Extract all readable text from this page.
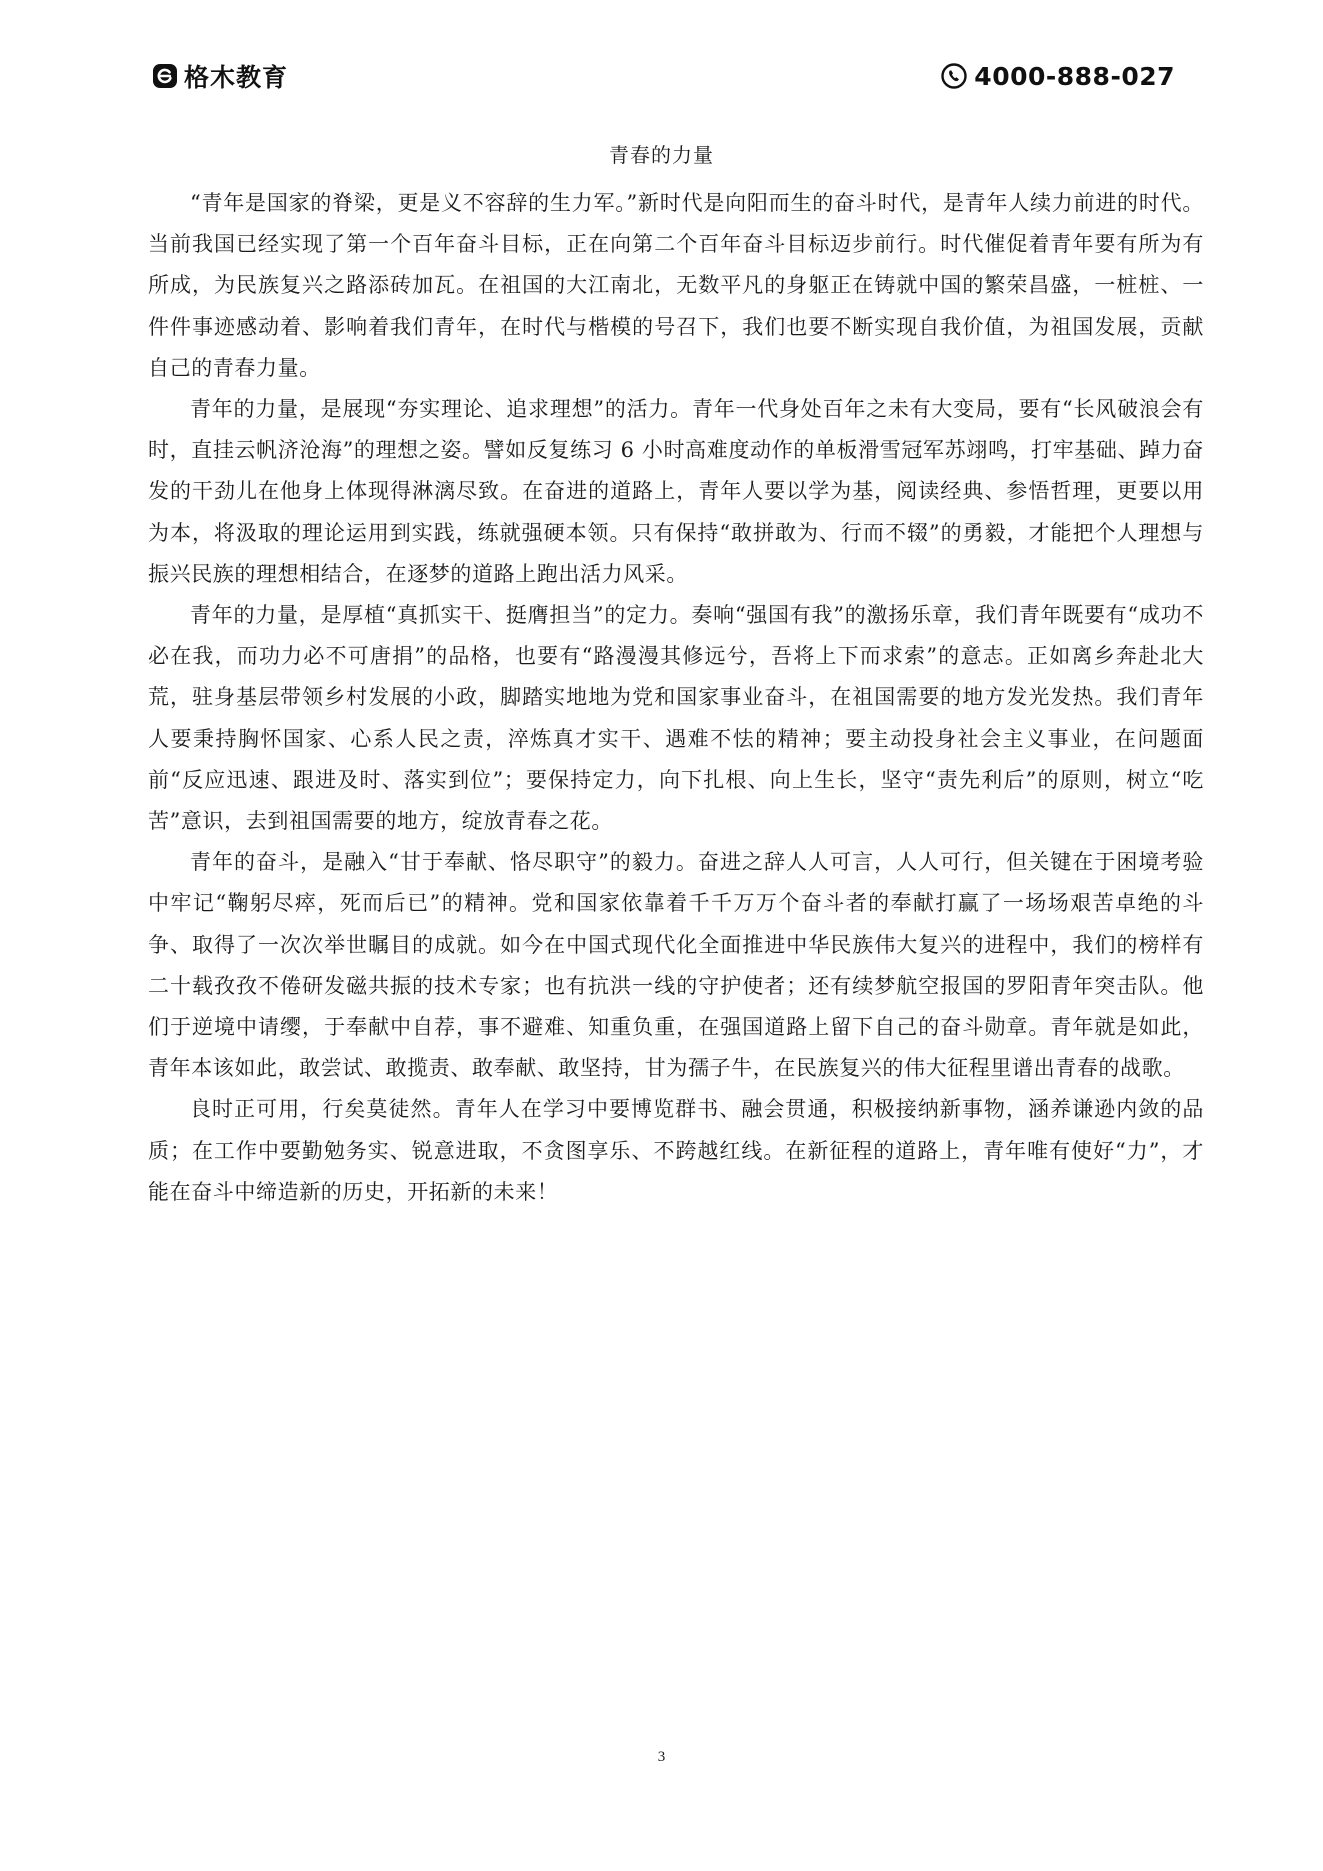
格木教育	4000-888-027
青春的力量

“青年是国家的脊梁，更是义不容辞的生力军。”新时代是向阳而生的奋斗时代，是青年人续力前进的时代。当前我国已经实现了第一个百年奋斗目标，正在向第二个百年奋斗目标迈步前行。时代催促着青年要有所为有所成，为民族复兴之路添砖加瓦。在祖国的大江南北，无数平凡的身躯正在铸就中国的繁荣昌盛，一桩桩、一件件事迹感动着、影响着我们青年，在时代与楷模的号召下，我们也要不断实现自我价值，为祖国发展，贡献自己的青春力量。

青年的力量，是展现“夯实理论、追求理想”的活力。青年一代身处百年之未有大变局，要有“长风破浪会有时，直挂云帆济沧海”的理想之姿。譬如反复练习 6 小时高难度动作的单板滑雪冠军苏翊鸣，打牢基础、踔力奋发的干劲儿在他身上体现得淋漓尽致。在奋进的道路上，青年人要以学为基，阅读经典、参悟哲理，更要以用为本，将汲取的理论运用到实践，练就强硬本领。只有保持“敢拼敢为、行而不辍”的勇毅，才能把个人理想与振兴民族的理想相结合，在逐梦的道路上跑出活力风采。

青年的力量，是厚植“真抓实干、挺膺担当”的定力。奏响“强国有我”的激扬乐章，我们青年既要有“成功不必在我，而功力必不可唐捐”的品格，也要有“路漫漫其修远兮，吾将上下而求索”的意志。正如离乡奔赴北大荒，驻身基层带领乡村发展的小政，脚踏实地地为党和国家事业奋斗，在祖国需要的地方发光发热。我们青年人要秉持胸怀国家、心系人民之责，淬炼真才实干、遇难不怯的精神；要主动投身社会主义事业，在问题面前“反应迅速、跟进及时、落实到位”；要保持定力，向下扎根、向上生长，坚守“责先利后”的原则，树立“吃苦”意识，去到祖国需要的地方，绽放青春之花。

青年的奋斗，是融入“甘于奉献、恪尽职守”的毅力。奋进之辞人人可言，人人可行，但关键在于困境考验中牢记“鞠躬尽瘁，死而后已”的精神。党和国家依靠着千千万万个奋斗者的奉献打赢了一场场艰苦卓绝的斗争、取得了一次次举世瞩目的成就。如今在中国式现代化全面推进中华民族伟大复兴的进程中，我们的榜样有二十载孜孜不倦研发磁共振的技术专家；也有抗洪一线的守护使者；还有续梦航空报国的罗阳青年突击队。他们于逆境中请缨，于奉献中自荐，事不避难、知重负重，在强国道路上留下自己的奋斗勋章。青年就是如此，青年本该如此，敢尝试、敢揽责、敢奉献、敢坚持，甘为孺子牛，在民族复兴的伟大征程里谱出青春的战歌。

良时正可用，行矣莫徒然。青年人在学习中要博览群书、融会贯通，积极接纳新事物，涵养谦逊内敛的品质；在工作中要勤勉务实、锐意进取，不贪图享乐、不跨越红线。在新征程的道路上，青年唯有使好“力”，才能在奋斗中缔造新的历史，开拓新的未来！

3
